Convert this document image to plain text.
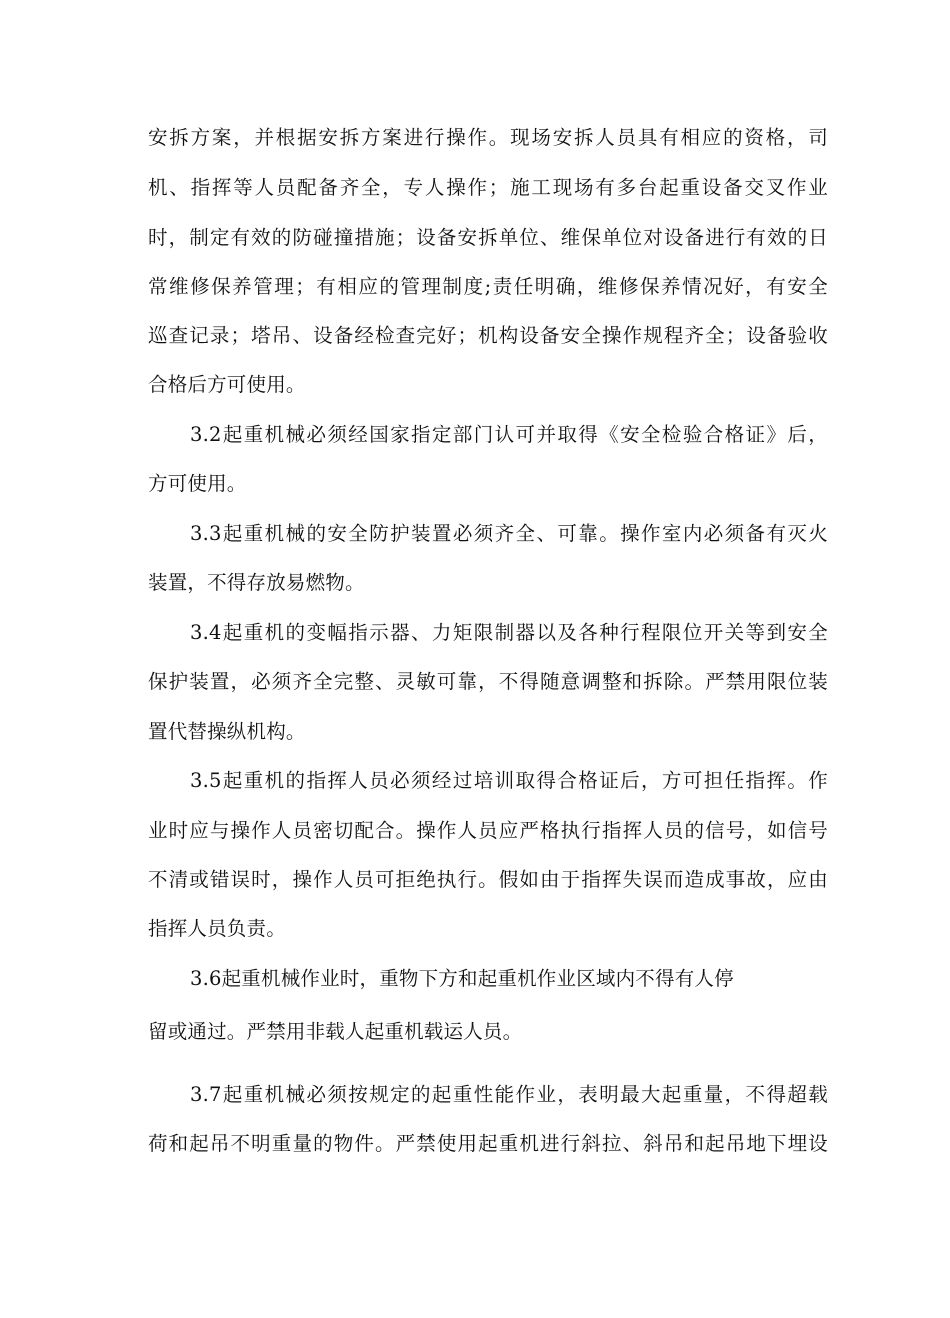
安拆方案，并根据安拆方案进行操作。现场安拆人员具有相应的资格，司

机、指挥等人员配备齐全，专人操作；施工现场有多台起重设备交叉作业

时，制定有效的防碰撞措施；设备安拆单位、维保单位对设备进行有效的日

常维修保养管理；有相应的管理制度;责任明确，维修保养情况好，有安全

巡查记录；塔吊、设备经检查完好；机构设备安全操作规程齐全；设备验收

合格后方可使用。

3.2起重机械必须经国家指定部门认可并取得《安全检验合格证》后，

方可使用。

3.3起重机械的安全防护装置必须齐全、可靠。操作室内必须备有灭火

装置，不得存放易燃物。

3.4起重机的变幅指示器、力矩限制器以及各种行程限位开关等到安全

保护装置，必须齐全完整、灵敏可靠，不得随意调整和拆除。严禁用限位装

置代替操纵机构。

3.5起重机的指挥人员必须经过培训取得合格证后，方可担任指挥。作

业时应与操作人员密切配合。操作人员应严格执行指挥人员的信号，如信号

不清或错误时，操作人员可拒绝执行。假如由于指挥失误而造成事故，应由

指挥人员负责。

3.6起重机械作业时，重物下方和起重机作业区域内不得有人停

留或通过。严禁用非载人起重机载运人员。

3.7起重机械必须按规定的起重性能作业，表明最大起重量，不得超载

荷和起吊不明重量的物件。严禁使用起重机进行斜拉、斜吊和起吊地下埋设
